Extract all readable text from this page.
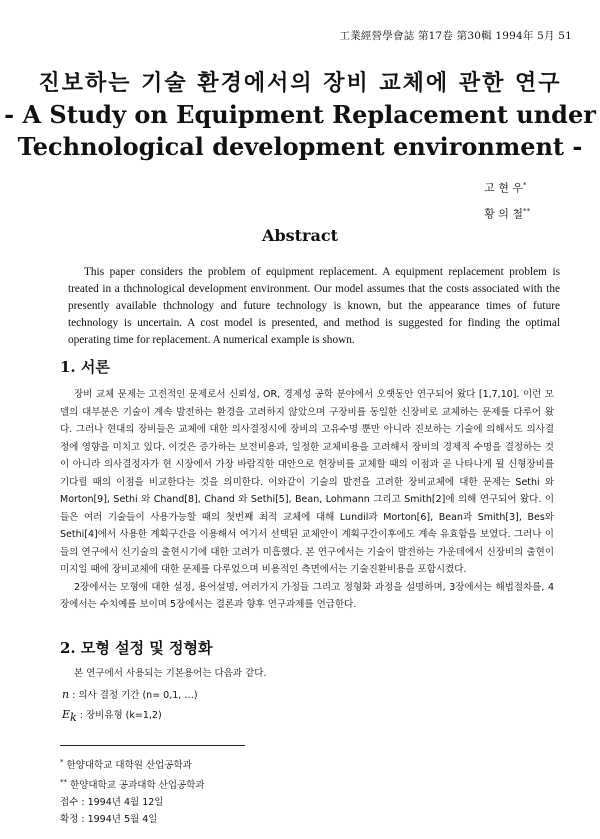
工業經營學會誌 第17卷 第30輯 1994年 5月 51
진보하는 기술 환경에서의 장비 교체에 관한 연구
- A Study on Equipment Replacement under
Technological development environment -
고 현 우*
황 의 철**
Abstract

This paper considers the problem of equipment replacement. A equipment replacement problem is treated in a thchnological development environment. Our model assumes that the costs associated with the presently available thchnology and future technology is known, but the appearance times of future technology is uncertain. A cost model is presented, and method is suggested for finding the optimal operating time for replacement. A numerical example is shown.

1. 서론

장비 교체 문제는 고전적인 문제로서 신뢰성, OR, 경제성 공학 분야에서 오랫동안 연구되어 왔다 [1,7,10]. 이런 모델의 대부분은 기술이 계속 발전하는 환경을 고려하지 않았으며 구장비를 동일한 신장비로 교체하는 문제를 다루어 왔다. 그러나 현대의 장비들은 교체에 대한 의사결정시에 장비의 고유수명 뿐만 아니라 진보하는 기술에 의해서도 의사결정에 영향을 미치고 있다. 이것은 증가하는 보전비용과, 일정한 교체비용을 고려해서 장비의 경제적 수명을 결정하는 것이 아니라 의사결정자가 현 시장에서 가장 바람직한 대안으로 현장비를 교체할 때의 이점과 곧 나타나게 될 신형장비를 기다릴 때의 이점을 비교한다는 것을 의미한다. 이와같이 기술의 발전을 고려한 장비교체에 대한 문제는 Sethi 와 Morton[9], Sethi 와 Chand[8], Chand 와 Sethi[5], Bean, Lohmann 그리고 Smith[2]에 의해 연구되어 왔다. 이들은 여러 기술들이 사용가능할 때의 첫번째 최적 교체에 대해 Lundil과 Morton[6], Bean과 Smith[3], Bes와 Sethi[4]에서 사용한 계획구간을 이용해서 여기서 선택된 교체안이 계획구간이후에도 계속 유효함을 보였다. 그러나 이들의 연구에서 신기술의 출현시기에 대한 고려가 미흡했다. 본 연구에서는 기술이 발전하는 가운데에서 신장비의 출현이 미지일 때에 장비교체에 대한 문제를 다루었으며 비용적인 측면에서는 기술진환비용을 포함시켰다.

2장에서는 모형에 대한 설정, 용어설명, 여러가지 가정들 그리고 정형화 과정을 설명하며, 3장에서는 해법절차를, 4장에서는 수치예를 보이며 5장에서는 결론과 향후 연구과제를 언급한다.

2. 모형 설정 및 정형화

본 연구에서 사용되는 기본용어는 다음과 같다.

n : 의사 결정 기간 (n= 0,1, …)
$E_k$ : 장비유형 (k=1,2)
* 한양대학교 대학원 산업공학과
** 한양대학교 공과대학 산업공학과
접수 : 1994년 4월 12일
확정 : 1994년 5월 4일
